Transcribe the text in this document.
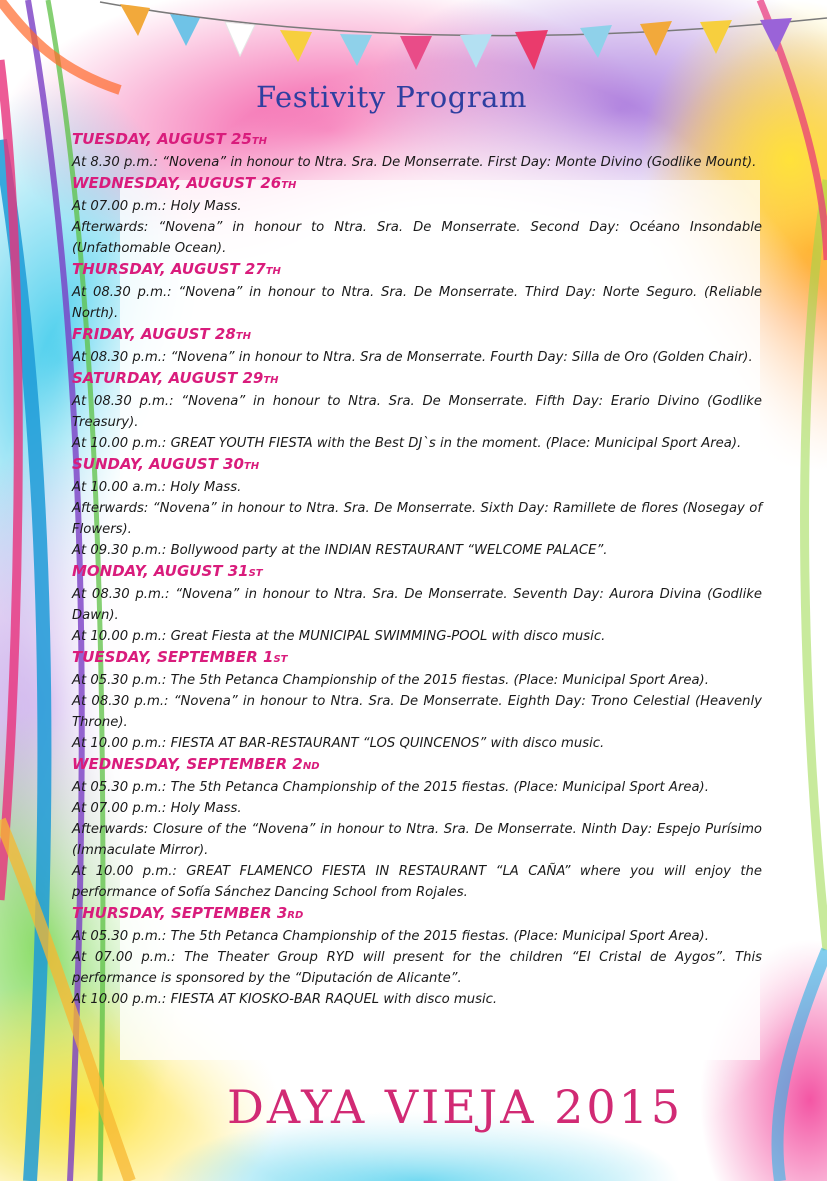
Festivity Program
TUESDAY, AUGUST 25TH
At 8.30 p.m.: “Novena” in honour to Ntra. Sra. De Monserrate. First Day: Monte Divino (Godlike Mount).
WEDNESDAY, AUGUST 26TH
At 07.00 p.m.: Holy Mass.
Afterwards: “Novena” in honour to Ntra. Sra. De Monserrate. Second Day: Océano Insondable (Unfathomable Ocean).
THURSDAY, AUGUST 27TH
At 08.30 p.m.: “Novena” in honour to Ntra. Sra. De Monserrate. Third Day: Norte Seguro. (Reliable North).
FRIDAY, AUGUST 28TH
At 08.30 p.m.: “Novena” in honour to Ntra. Sra de Monserrate. Fourth Day: Silla de Oro (Golden Chair).
SATURDAY, AUGUST 29TH
At 08.30 p.m.: “Novena” in honour to Ntra. Sra. De Monserrate. Fifth Day: Erario Divino (Godlike Treasury).
At 10.00 p.m.: GREAT YOUTH FIESTA with the Best DJ`s in the moment. (Place: Municipal Sport Area).
SUNDAY, AUGUST 30TH
At 10.00 a.m.: Holy Mass.
Afterwards: “Novena” in honour to Ntra. Sra. De Monserrate. Sixth Day: Ramillete de flores (Nosegay of Flowers).
At 09.30 p.m.: Bollywood party at the INDIAN RESTAURANT “WELCOME PALACE”.
MONDAY, AUGUST 31ST
At 08.30 p.m.: “Novena” in honour to Ntra. Sra. De Monserrate. Seventh Day: Aurora Divina (Godlike Dawn).
At 10.00 p.m.: Great Fiesta at the MUNICIPAL SWIMMING-POOL with disco music.
TUESDAY, SEPTEMBER 1ST
At 05.30 p.m.: The 5th Petanca Championship of the 2015 fiestas. (Place: Municipal Sport Area).
At 08.30 p.m.: “Novena” in honour to Ntra. Sra. De Monserrate. Eighth Day: Trono Celestial (Heavenly Throne).
At 10.00 p.m.: FIESTA AT BAR-RESTAURANT “LOS QUINCENOS” with disco music.
WEDNESDAY, SEPTEMBER 2ND
At 05.30 p.m.: The 5th Petanca Championship of the 2015 fiestas. (Place: Municipal Sport Area).
At 07.00 p.m.: Holy Mass.
Afterwards: Closure of the “Novena” in honour to Ntra. Sra. De Monserrate. Ninth Day: Espejo Purísimo (Immaculate Mirror).
At 10.00 p.m.: GREAT FLAMENCO FIESTA IN RESTAURANT “LA CAÑA” where you will enjoy the performance of Sofía Sánchez Dancing School from Rojales.
THURSDAY, SEPTEMBER 3RD
At 05.30 p.m.: The 5th Petanca Championship of the 2015 fiestas. (Place: Municipal Sport Area).
At 07.00 p.m.: The Theater Group RYD will present for the children “El Cristal de Aygos”. This performance is sponsored by the “Diputación de Alicante”.
At 10.00 p.m.: FIESTA AT KIOSKO-BAR RAQUEL with disco music.
DAYA VIEJA 2015
